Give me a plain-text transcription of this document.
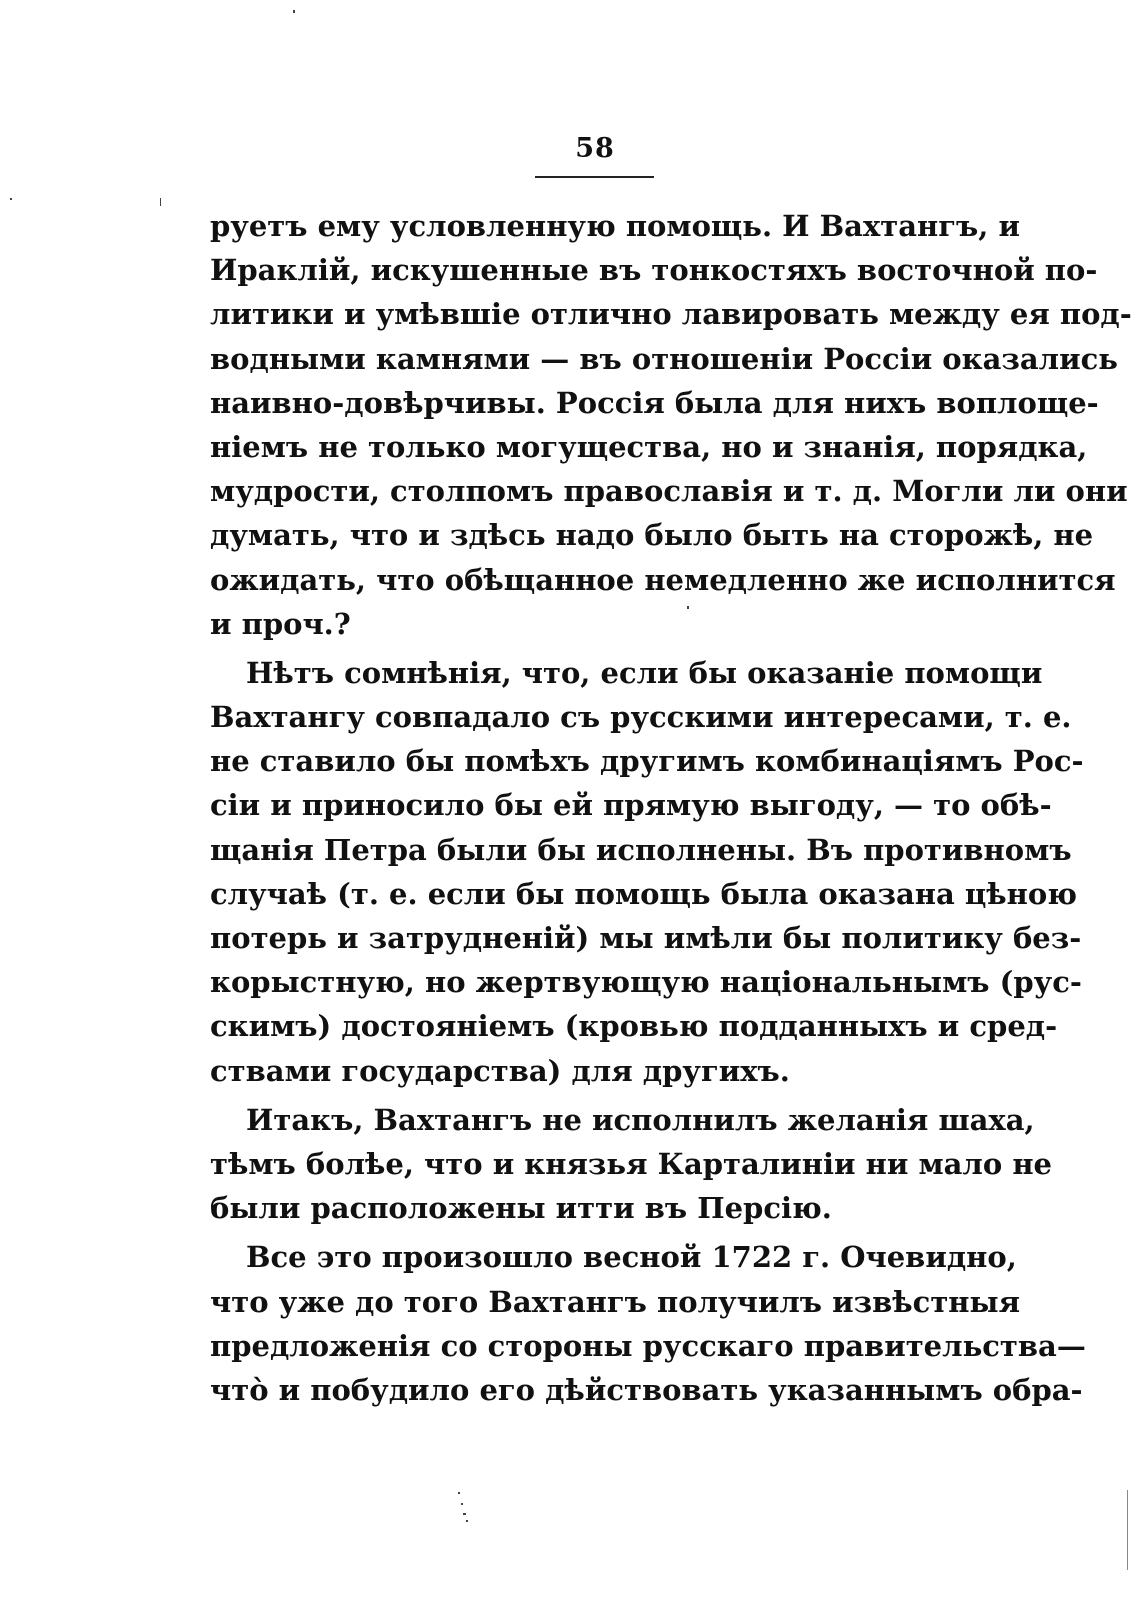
58
руетъ ему условленную помощь. И Вахтангъ, и
Ираклій, искушенные въ тонкостяхъ восточной по-
литики и умѣвшіе отлично лавировать между ея под-
водными камнями — въ отношеніи Россіи оказались
наивно-довѣрчивы. Россія была для нихъ воплоще-
ніемъ не только могущества, но и знанія, порядка,
мудрости, столпомъ православія и т. д. Могли ли они
думать, что и здѣсь надо было быть на сторожѣ, не
ожидать, что обѣщанное немедленно же исполнится
и проч.?
Нѣтъ сомнѣнія, что, если бы оказаніе помощи
Вахтангу совпадало съ русскими интересами, т. е.
не ставило бы помѣхъ другимъ комбинаціямъ Рос-
сіи и приносило бы ей прямую выгоду, — то обѣ-
щанія Петра были бы исполнены. Въ противномъ
случаѣ (т. е. если бы помощь была оказана цѣною
потерь и затрудненій) мы имѣли бы политику без-
корыстную, но жертвующую національнымъ (рус-
скимъ) достояніемъ (кровью подданныхъ и сред-
ствами государства) для другихъ.
Итакъ, Вахтангъ не исполнилъ желанія шаха,
тѣмъ болѣе, что и князья Карталиніи ни мало не
были расположены итти въ Персію.
Все это произошло весной 1722 г. Очевидно,
что уже до того Вахтангъ получилъ извѣстныя
предложенія со стороны русскаго правительства—
что̀ и побудило его дѣйствовать указаннымъ обра-
